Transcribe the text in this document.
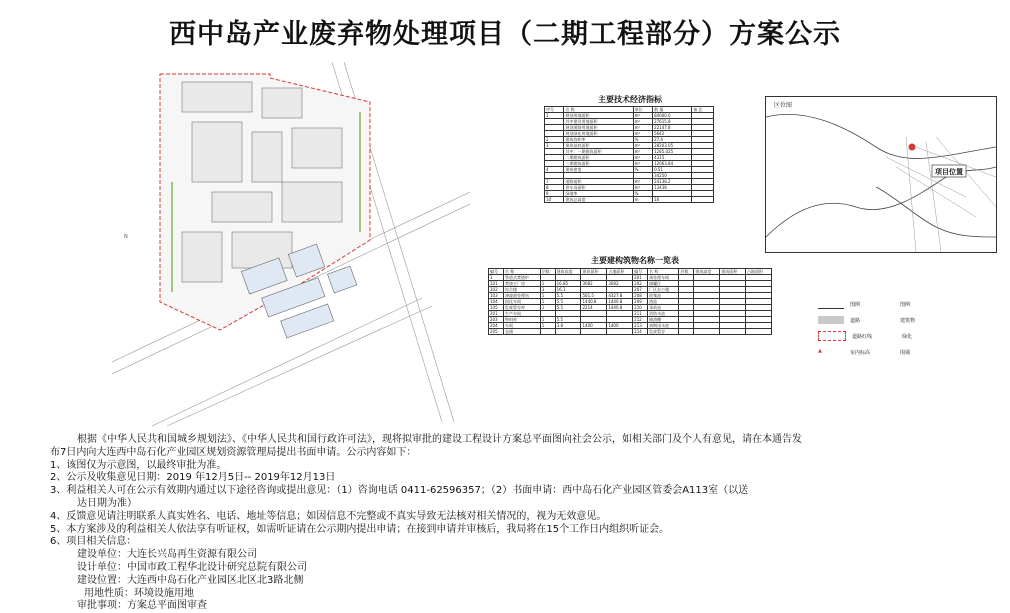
西中岛产业废弃物处理项目（二期工程部分）方案公示
N
主要技术经济指标
序号	名 称	单位	数 量	备 注
1	规划用地面积	m²	84000.0	
	其中建设用地面积	m²	27615.8	
	规划道路用地面积	m²	22147.8	
	规划绿化用地面积	m²	5642	
2	建筑容积率	%	27.4	
3	建筑基底面积	m²	28203.05	
	其中：一期建筑面积	m²	1285.025	
	二期建筑面积	m²	4315	
	三期建筑面积	m²	12063.84	
4	建筑密度	%	0.51	
			34250	
7	道路面积	m²	24138.2	
8	停车场面积	m²	13438	
9	绿地率	%		
10	建筑总高度	m	16	
主要建构筑物名称一览表
编号	名 称	层数	建筑高度	建筑面积	占地面积	编号	名 称	层数	建筑高度	建筑面积	占地面积
1	管道式焚烧炉					201	预处理车间				
101	焚烧主厂房	1	16.85	3082	3082	202	储罐区				
102	综合楼	3	16.1			207	厂区办公楼				
103	渗滤液处理站	1	5.5	501.5	4327.8	208	收集池				
104	固化车间	1	5.5	1440.8	1440.8	209	渣池				
105	危废暂存库	1	5.5	2214	1440.8	210	事故池				
201	生产车间					211	消防水池				
203	物料库	1	5.5			212	储渣棚				
204	车间	1	3.8	1400	1400	213	初期雨水池				
205	仓储					214	危废暂存				
区位图
项目位置
图例	图例
道路	建筑物
道路红线	绿化
▲	室内标高	围墙
根据《中华人民共和国城乡规划法》、《中华人民共和国行政许可法》，现将拟审批的建设工程设计方案总平面图向社会公示，如相关部门及个人有意见，请在本通告发
布7日内向大连西中岛石化产业园区规划资源管理局提出书面申请。公示内容如下：
1、该图仅为示意图，以最终审批为准。
2、公示及收集意见日期：2019 年12月5日-- 2019年12月13日
3、利益相关人可在公示有效期内通过以下途径咨询或提出意见：（1）咨询电话 0411-62596357；（2）书面申请：西中岛石化产业园区管委会A113室（以送
达日期为准）
4、反馈意见请注明联系人真实姓名、电话、地址等信息；如因信息不完整或不真实导致无法核对相关情况的，视为无效意见。
5、本方案涉及的利益相关人依法享有听证权，如需听证请在公示期内提出申请；在接到申请并审核后，我局将在15个工作日内组织听证会。
6、项目相关信息：
建设单位：大连长兴岛再生资源有限公司
设计单位：中国市政工程华北设计研究总院有限公司
建设位置：大连西中岛石化产业园区北区北3路北侧
用地性质：环境设施用地
审批事项：方案总平面图审查
